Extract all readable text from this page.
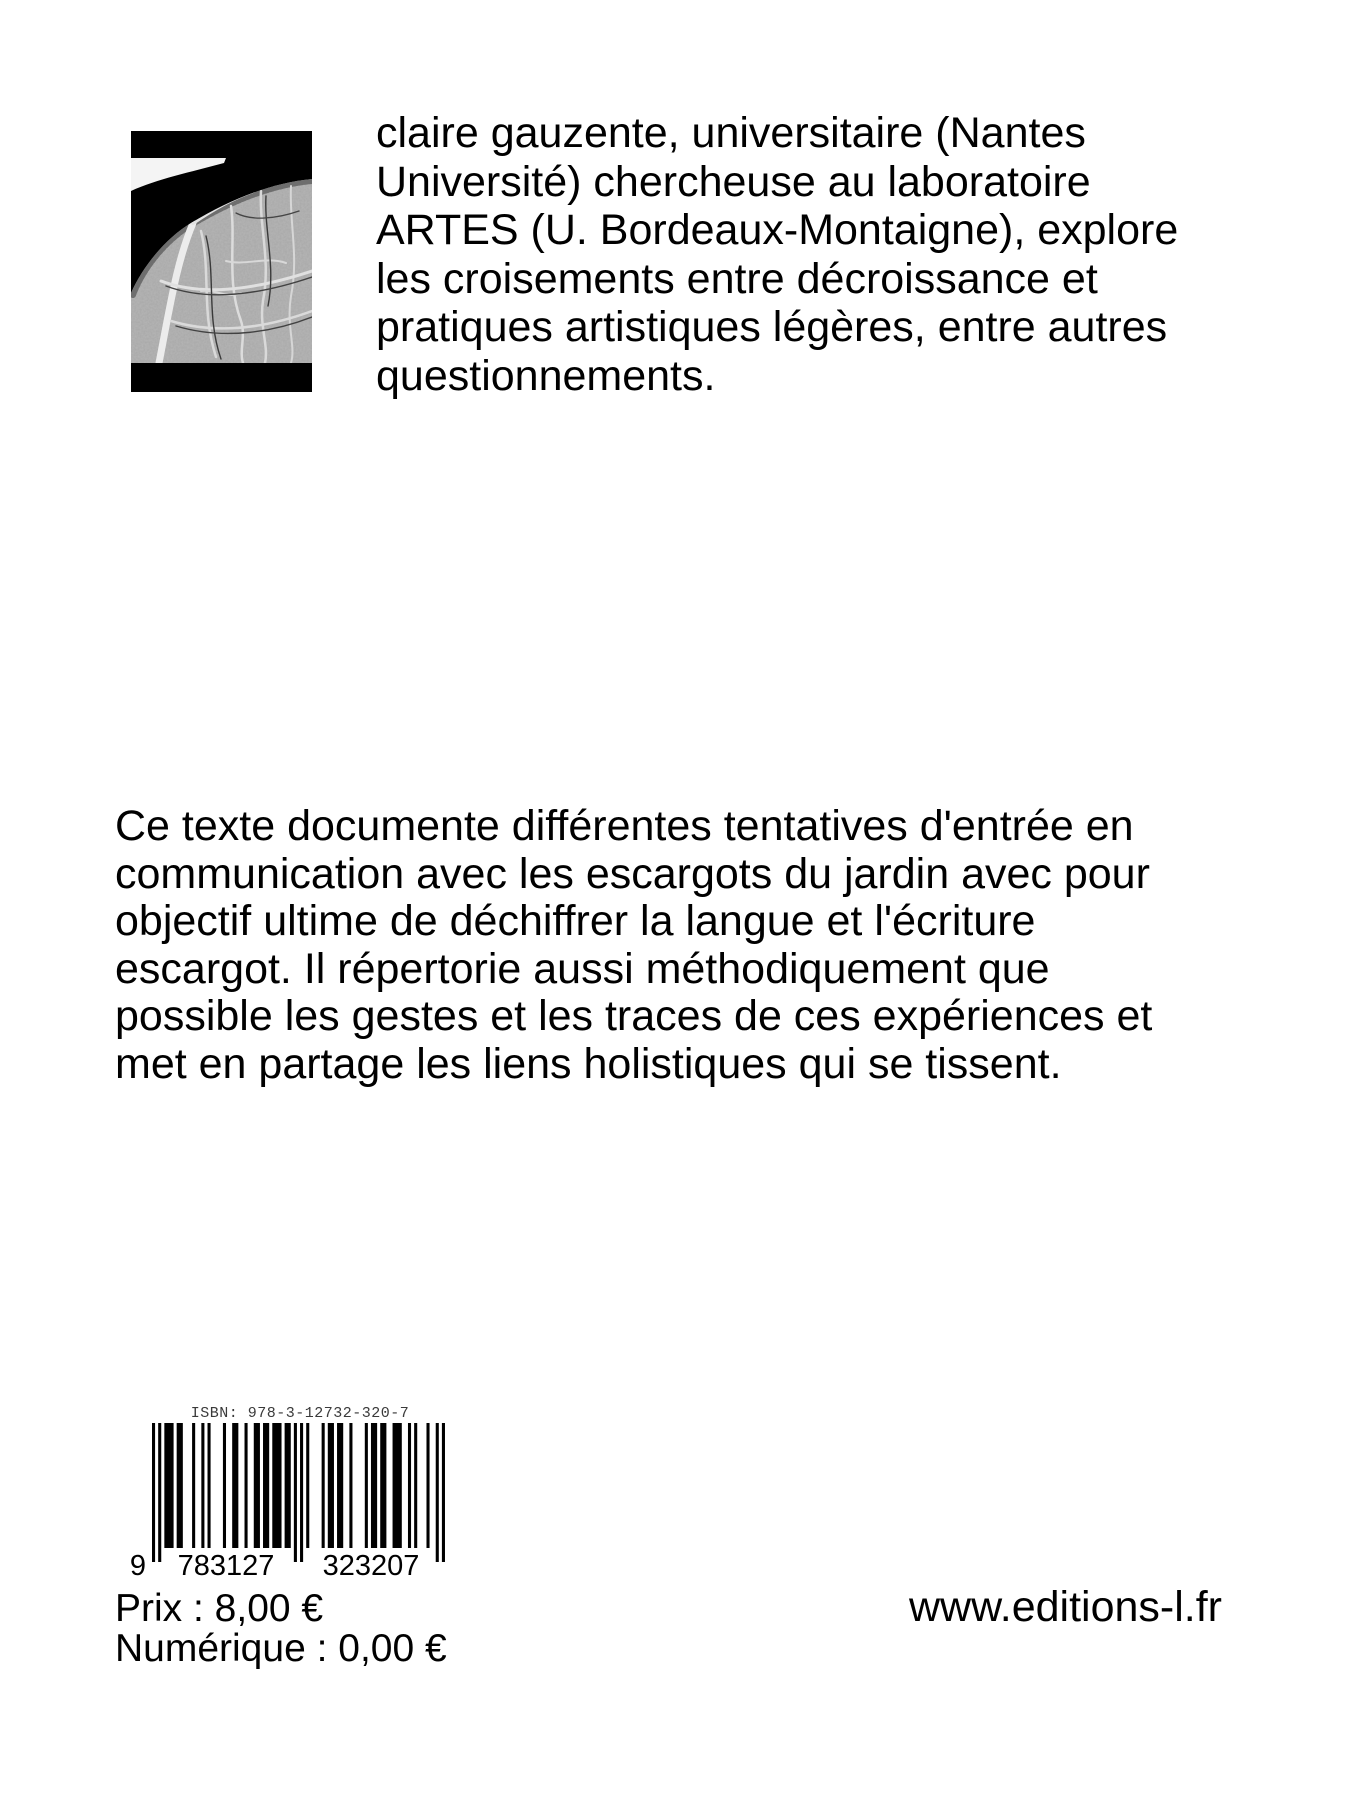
claire gauzente, universitaire (Nantes
Université) chercheuse au laboratoire
ARTES (U. Bordeaux-Montaigne), explore
les croisements entre décroissance et
pratiques artistiques légères, entre autres
questionnements.
Ce texte documente différentes tentatives d'entrée en
communication avec les escargots du jardin avec pour
objectif ultime de déchiffrer la langue et l'écriture
escargot. Il répertorie aussi méthodiquement que
possible les gestes et les traces de ces expériences et
met en partage les liens holistiques qui se tissent.
ISBN: 978-3-12732-320-7
9 783127 323207
Prix : 8,00 €
Numérique : 0,00 €
www.editions-l.fr
